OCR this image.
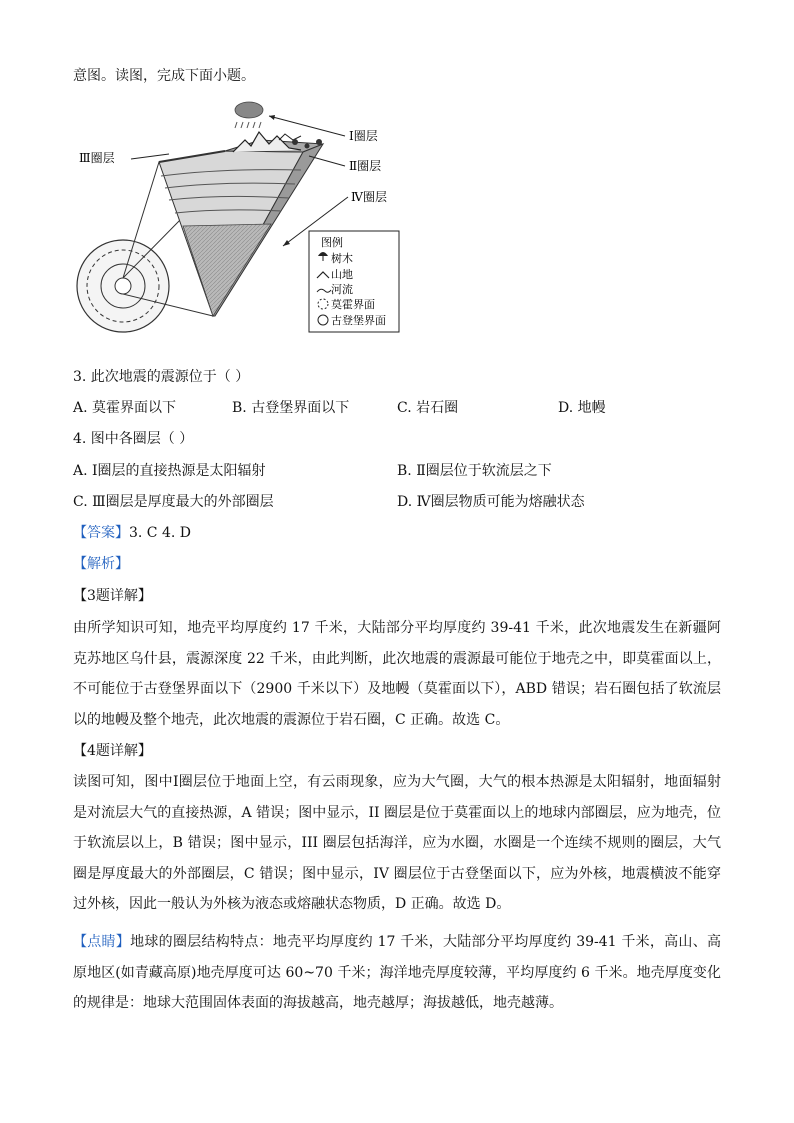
意图。读图，完成下面小题。
Ⅰ圈层
Ⅱ圈层
Ⅲ圈层
Ⅳ圈层
图例
树木
山地
河流
莫霍界面
古登堡界面
3. 此次地震的震源位于（ ）
A. 莫霍界面以下	B. 古登堡界面以下	C. 岩石圈	D. 地幔
4. 图中各圈层（ ）
A. Ⅰ圈层的直接热源是太阳辐射	B. Ⅱ圈层位于软流层之下
C. Ⅲ圈层是厚度最大的外部圈层	D. Ⅳ圈层物质可能为熔融状态
【答案】3. C 4. D
【解析】
【3题详解】
由所学知识可知，地壳平均厚度约 17 千米，大陆部分平均厚度约 39-41 千米，此次地震发生在新疆阿克苏地区乌什县，震源深度 22 千米，由此判断，此次地震的震源最可能位于地壳之中，即莫霍面以上，不可能位于古登堡界面以下（2900 千米以下）及地幔（莫霍面以下），ABD 错误；岩石圈包括了软流层以的地幔及整个地壳，此次地震的震源位于岩石圈，C 正确。故选 C。
【4题详解】
读图可知，图中Ⅰ圈层位于地面上空，有云雨现象，应为大气圈，大气的根本热源是太阳辐射，地面辐射是对流层大气的直接热源，A 错误；图中显示，II 圈层是位于莫霍面以上的地球内部圈层，应为地壳，位于软流层以上，B 错误；图中显示，III 圈层包括海洋，应为水圈，水圈是一个连续不规则的圈层，大气圈是厚度最大的外部圈层，C 错误；图中显示，IV 圈层位于古登堡面以下，应为外核，地震横波不能穿过外核，因此一般认为外核为液态或熔融状态物质，D 正确。故选 D。
【点睛】地球的圈层结构特点：地壳平均厚度约 17 千米，大陆部分平均厚度约 39-41 千米，高山、高原地区(如青藏高原)地壳厚度可达 60~70 千米；海洋地壳厚度较薄，平均厚度约 6 千米。地壳厚度变化的规律是：地球大范围固体表面的海拔越高，地壳越厚；海拔越低，地壳越薄。
